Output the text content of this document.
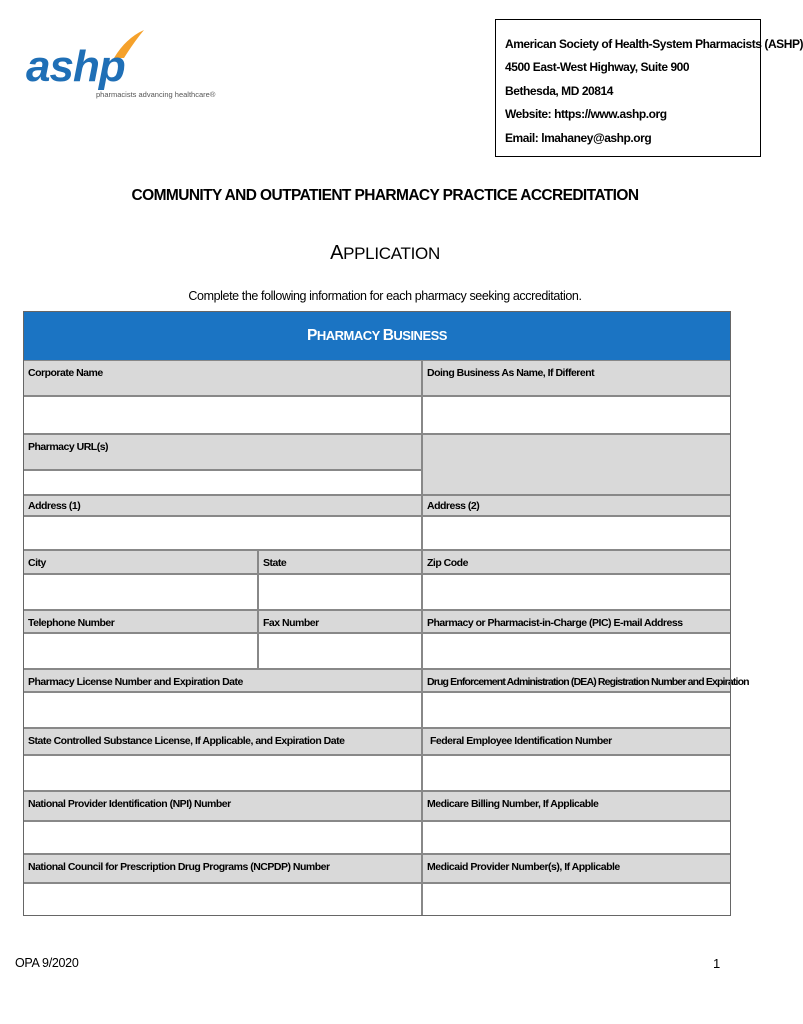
ashp
pharmacists advancing healthcare®
American Society of Health-System Pharmacists (ASHP)
4500 East-West Highway, Suite 900
Bethesda, MD 20814
Website: https://www.ashp.org
Email: lmahaney@ashp.org
COMMUNITY AND OUTPATIENT PHARMACY PRACTICE ACCREDITATION
APPLICATION
Complete the following information for each pharmacy seeking accreditation.
PHARMACY BUSINESS
Corporate Name	Doing Business As Name, If Different
Pharmacy URL(s)
Address (1)	Address (2)
City	State	Zip Code
Telephone Number	Fax Number	Pharmacy or Pharmacist-in-Charge (PIC) E-mail Address
Pharmacy License Number and Expiration Date	Drug Enforcement Administration (DEA) Registration Number and Expiration
State Controlled Substance License, If Applicable, and Expiration Date	Federal Employee Identification Number
National Provider Identification (NPI) Number	Medicare Billing Number, If Applicable
National Council for Prescription Drug Programs (NCPDP) Number	Medicaid Provider Number(s), If Applicable
OPA 9/2020	1
